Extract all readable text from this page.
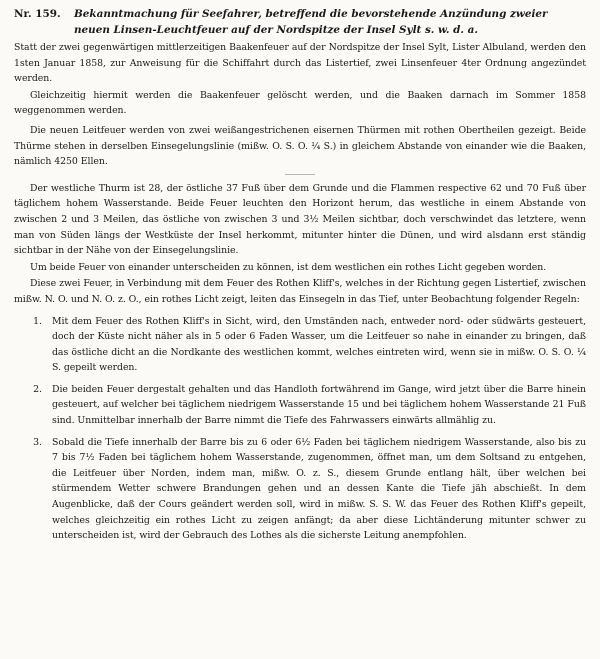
Nr. 159.	Bekanntmachung für Seefahrer, betreffend die bevorstehende Anzündung zweier neuen Linsen-Leuchtfeuer auf der Nordspitze der Insel Sylt s. w. d. a.

Statt der zwei gegenwärtigen mittlerzeitigen Baakenfeuer auf der Nordspitze der Insel Sylt, Lister Albuland, werden den 1sten Januar 1858, zur Anweisung für die Schiffahrt durch das Listertief, zwei Linsenfeuer 4ter Ordnung angezündet werden.

Gleichzeitig hiermit werden die Baakenfeuer gelöscht werden, und die Baaken darnach im Sommer 1858 weggenommen werden.

Die neuen Leitfeuer werden von zwei weißangestrichenen eisernen Thürmen mit rothen Obertheilen gezeigt. Beide Thürme stehen in derselben Einsegelungslinie (mißw. O. S. O. ¼ S.) in gleichem Abstande von einander wie die Baaken, nämlich 4250 Ellen.

Der westliche Thurm ist 28, der östliche 37 Fuß über dem Grunde und die Flammen respective 62 und 70 Fuß über täglichem hohem Wasserstande. Beide Feuer leuchten den Horizont herum, das westliche in einem Abstande von zwischen 2 und 3 Meilen, das östliche von zwischen 3 und 3½ Meilen sichtbar, doch verschwindet das letztere, wenn man von Süden längs der Westküste der Insel herkommt, mitunter hinter die Dünen, und wird alsdann erst ständig sichtbar in der Nähe von der Einsegelungslinie.

Um beide Feuer von einander unterscheiden zu können, ist dem westlichen ein rothes Licht gegeben worden.

Diese zwei Feuer, in Verbindung mit dem Feuer des Rothen Kliff's, welches in der Richtung gegen Listertief, zwischen mißw. N. O. und N. O. z. O., ein rothes Licht zeigt, leiten das Einsegeln in das Tief, unter Beobachtung folgender Regeln:

1.	Mit dem Feuer des Rothen Kliff's in Sicht, wird, den Umständen nach, entweder nord- oder südwärts gesteuert, doch der Küste nicht näher als in 5 oder 6 Faden Wasser, um die Leitfeuer so nahe in einander zu bringen, daß das östliche dicht an die Nordkante des westlichen kommt, welches eintreten wird, wenn sie in mißw. O. S. O. ¼ S. gepeilt werden.
2.	Die beiden Feuer dergestalt gehalten und das Handloth fortwährend im Gange, wird jetzt über die Barre hinein gesteuert, auf welcher bei täglichem niedrigem Wasserstande 15 und bei täglichem hohem Wasserstande 21 Fuß sind. Unmittelbar innerhalb der Barre nimmt die Tiefe des Fahrwassers einwärts allmählig zu.
3.	Sobald die Tiefe innerhalb der Barre bis zu 6 oder 6½ Faden bei täglichem niedrigem Wasserstande, also bis zu 7 bis 7½ Faden bei täglichem hohem Wasserstande, zugenommen, öffnet man, um dem Soltsand zu entgehen, die Leitfeuer über Norden, indem man, mißw. O. z. S., diesem Grunde entlang hält, über welchen bei stürmendem Wetter schwere Brandungen gehen und an dessen Kante die Tiefe jäh abschießt. In dem Augenblicke, daß der Cours geändert werden soll, wird in mißw. S. S. W. das Feuer des Rothen Kliff's gepeilt, welches gleichzeitig ein rothes Licht zu zeigen anfängt; da aber diese Lichtänderung mitunter schwer zu unterscheiden ist, wird der Gebrauch des Lothes als die sicherste Leitung anempfohlen.
